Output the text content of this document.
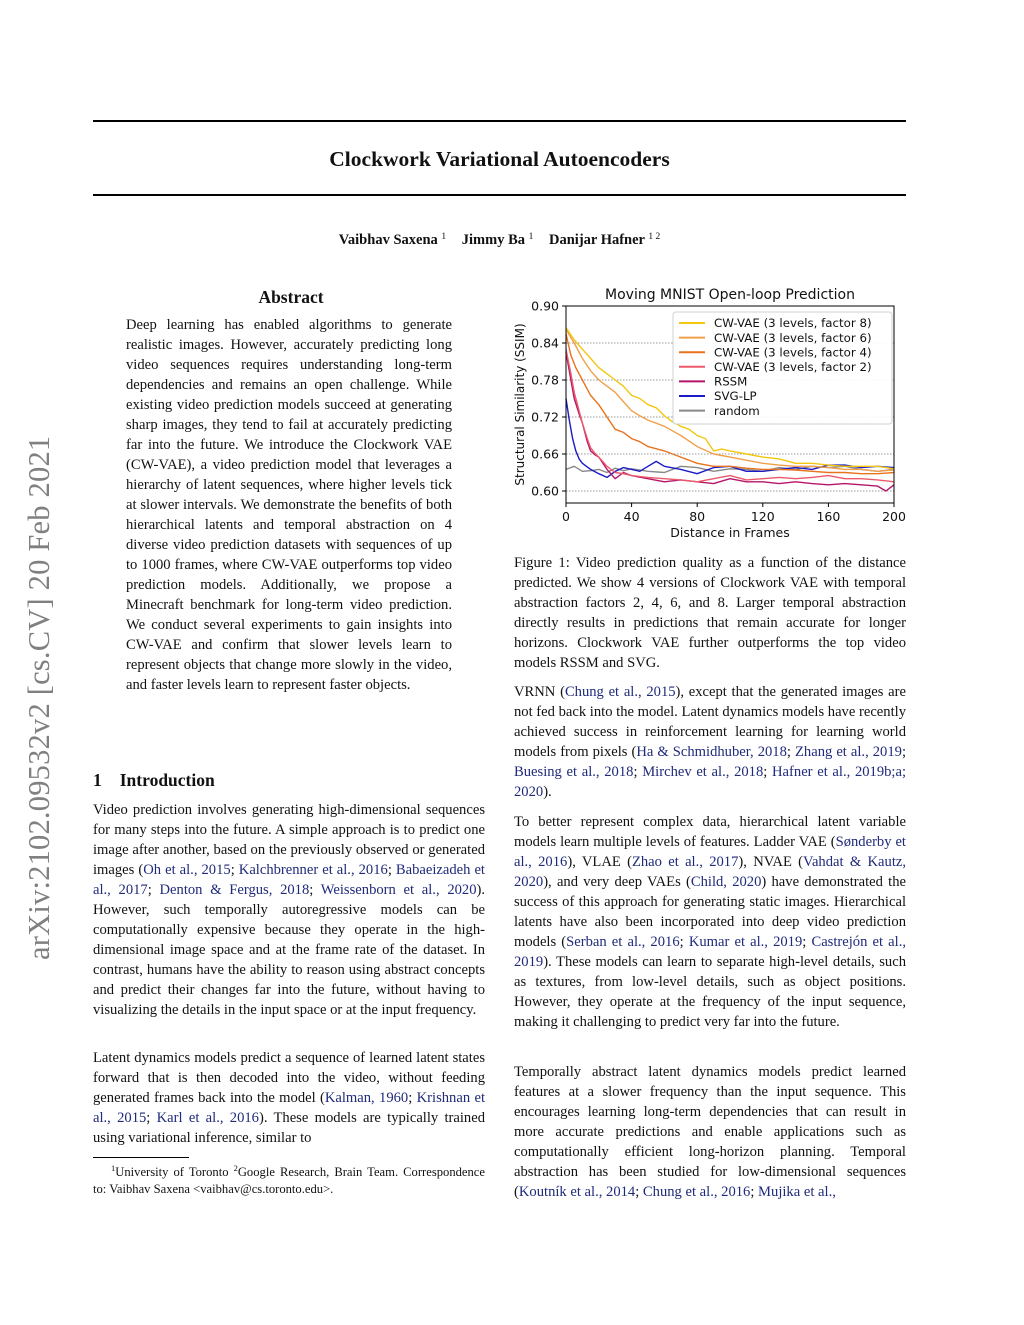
Clockwork Variational Autoencoders
Vaibhav Saxena $^1$ Jimmy Ba $^1$ Danijar Hafner $^{1 2}$
arXiv:2102.09532v2 [cs.CV] 20 Feb 2021
Abstract
Deep learning has enabled algorithms to generate realistic images. However, accurately predicting long video sequences requires understanding long-term dependencies and remains an open challenge. While existing video prediction models succeed at generating sharp images, they tend to fail at accurately predicting far into the future. We introduce the Clockwork VAE (CW-VAE), a video prediction model that leverages a hierarchy of latent sequences, where higher levels tick at slower intervals. We demonstrate the benefits of both hierarchical latents and temporal abstraction on 4 diverse video prediction datasets with sequences of up to 1000 frames, where CW-VAE outperforms top video prediction models. Additionally, we propose a Minecraft benchmark for long-term video prediction. We conduct several experiments to gain insights into CW-VAE and confirm that slower levels learn to represent objects that change more slowly in the video, and faster levels learn to represent faster objects.
1 Introduction
Video prediction involves generating high-dimensional sequences for many steps into the future. A simple approach is to predict one image after another, based on the previously observed or generated images (Oh et al., 2015; Kalchbrenner et al., 2016; Babaeizadeh et al., 2017; Denton & Fergus, 2018; Weissenborn et al., 2020). However, such temporally autoregressive models can be computationally expensive because they operate in the high-dimensional image space and at the frame rate of the dataset. In contrast, humans have the ability to reason using abstract concepts and predict their changes far into the future, without having to visualizing the details in the input space or at the input frequency.
Latent dynamics models predict a sequence of learned latent states forward that is then decoded into the video, without feeding generated frames back into the model (Kalman, 1960; Krishnan et al., 2015; Karl et al., 2016). These models are typically trained using variational inference, similar to
$^1$University of Toronto $^2$Google Research, Brain Team. Correspondence to: Vaibhav Saxena <vaibhav@cs.toronto.edu>.
0.60
0.66
0.72
0.78
0.84
0.90
0	40	80	120	160	200
Moving MNIST Open-loop Prediction
Distance in Frames
Structural Similarity (SSIM)
CW-VAE (3 levels, factor 8)
CW-VAE (3 levels, factor 6)
CW-VAE (3 levels, factor 4)
CW-VAE (3 levels, factor 2)
RSSM
SVG-LP
random
Figure 1: Video prediction quality as a function of the distance predicted. We show 4 versions of Clockwork VAE with temporal abstraction factors 2, 4, 6, and 8. Larger temporal abstraction directly results in predictions that remain accurate for longer horizons. Clockwork VAE further outperforms the top video models RSSM and SVG.
VRNN (Chung et al., 2015), except that the generated images are not fed back into the model. Latent dynamics models have recently achieved success in reinforcement learning for learning world models from pixels (Ha & Schmidhuber, 2018; Zhang et al., 2019; Buesing et al., 2018; Mirchev et al., 2018; Hafner et al., 2019b;a; 2020).
To better represent complex data, hierarchical latent variable models learn multiple levels of features. Ladder VAE (Sønderby et al., 2016), VLAE (Zhao et al., 2017), NVAE (Vahdat & Kautz, 2020), and very deep VAEs (Child, 2020) have demonstrated the success of this approach for generating static images. Hierarchical latents have also been incorporated into deep video prediction models (Serban et al., 2016; Kumar et al., 2019; Castrejón et al., 2019). These models can learn to separate high-level details, such as textures, from low-level details, such as object positions. However, they operate at the frequency of the input sequence, making it challenging to predict very far into the future.
Temporally abstract latent dynamics models predict learned features at a slower frequency than the input sequence. This encourages learning long-term dependencies that can result in more accurate predictions and enable applications such as computationally efficient long-horizon planning. Temporal abstraction has been studied for low-dimensional sequences (Koutník et al., 2014; Chung et al., 2016; Mujika et al.,
